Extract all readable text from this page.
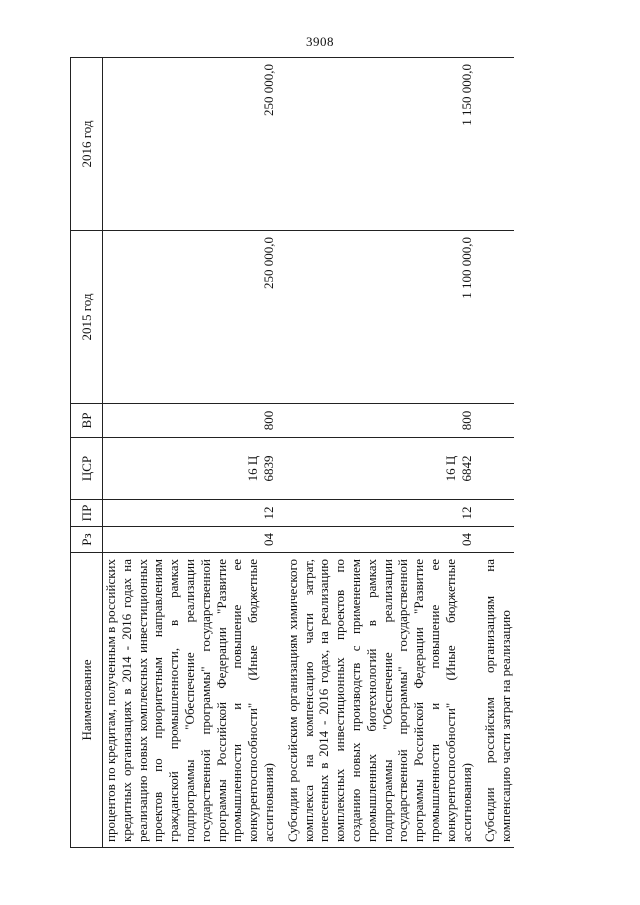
3908
Наименование	Рз	ПР	ЦСР	ВР	2015 год	2016 год
процентов по кредитам, полученным в российских кредитных организациях в 2014 - 2016 годах на реализацию новых комплексных инвестиционных проектов по приоритетным направлениям гражданской промышленности, в рамках подпрограммы "Обеспечение реализации государственной программы" государственной программы Российской Федерации "Развитие промышленности и повышение ее конкурентоспособности" (Иные бюджетные ассигнования)	04	12	16 Ц 6839	800	250 000,0	250 000,0
Субсидии российским организациям химического комплекса на компенсацию части затрат, понесенных в 2014 - 2016 годах, на реализацию комплексных инвестиционных проектов по созданию новых производств с применением промышленных биотехнологий в рамках подпрограммы "Обеспечение реализации государственной программы" государственной программы Российской Федерации "Развитие промышленности и повышение ее конкурентоспособности" (Иные бюджетные ассигнования)	04	12	16 Ц 6842	800	1 100 000,0	1 150 000,0
Субсидии российским организациям на компенсацию части затрат на реализацию						
